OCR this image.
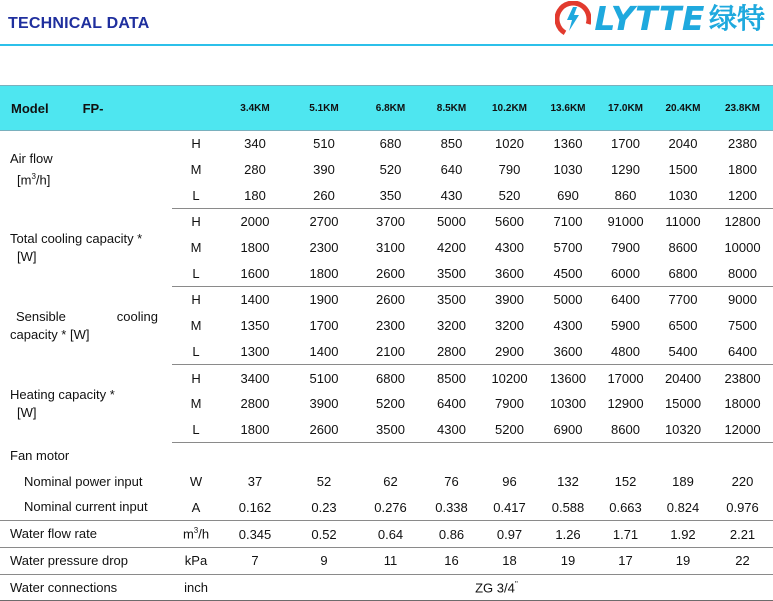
TECHNICAL DATA	LYTTE 绿特
Model FP-		3.4KM	5.1KM	6.8KM	8.5KM	10.2KM	13.6KM	17.0KM	20.4KM	23.8KM
Air flow
$[m^3/h]$	H	340	510	680	850	1020	1360	1700	2040	2380
	M	280	390	520	640	790	1030	1290	1500	1800
	L	180	260	350	430	520	690	860	1030	1200
Total cooling capacity *
[W]	H	2000	2700	3700	5000	5600	7100	91000	11000	12800
	M	1800	2300	3100	4200	4300	5700	7900	8600	10000
	L	1600	1800	2600	3500	3600	4500	6000	6800	8000

Sensible cooling
capacity * [W]	H	1400	1900	2600	3500	3900	5000	6400	7700	9000
	M	1350	1700	2300	3200	3200	4300	5900	6500	7500
	L	1300	1400	2100	2800	2900	3600	4800	5400	6400
Heating capacity *
[W]	H	3400	5100	6800	8500	10200	13600	17000	20400	23800
	M	2800	3900	5200	6400	7900	10300	12900	15000	18000
	L	1800	2600	3500	4300	5200	6900	8600	10320	12000
Fan motor										
Nominal power input	W	37	52	62	76	96	132	152	189	220
Nominal current input	A	0.162	0.23	0.276	0.338	0.417	0.588	0.663	0.824	0.976
Water flow rate	$m^3/h$	0.345	0.52	0.64	0.86	0.97	1.26	1.71	1.92	2.21
Water pressure drop	kPa	7	9	11	16	18	19	17	19	22
Water connections	inch	ZG 3/4''
